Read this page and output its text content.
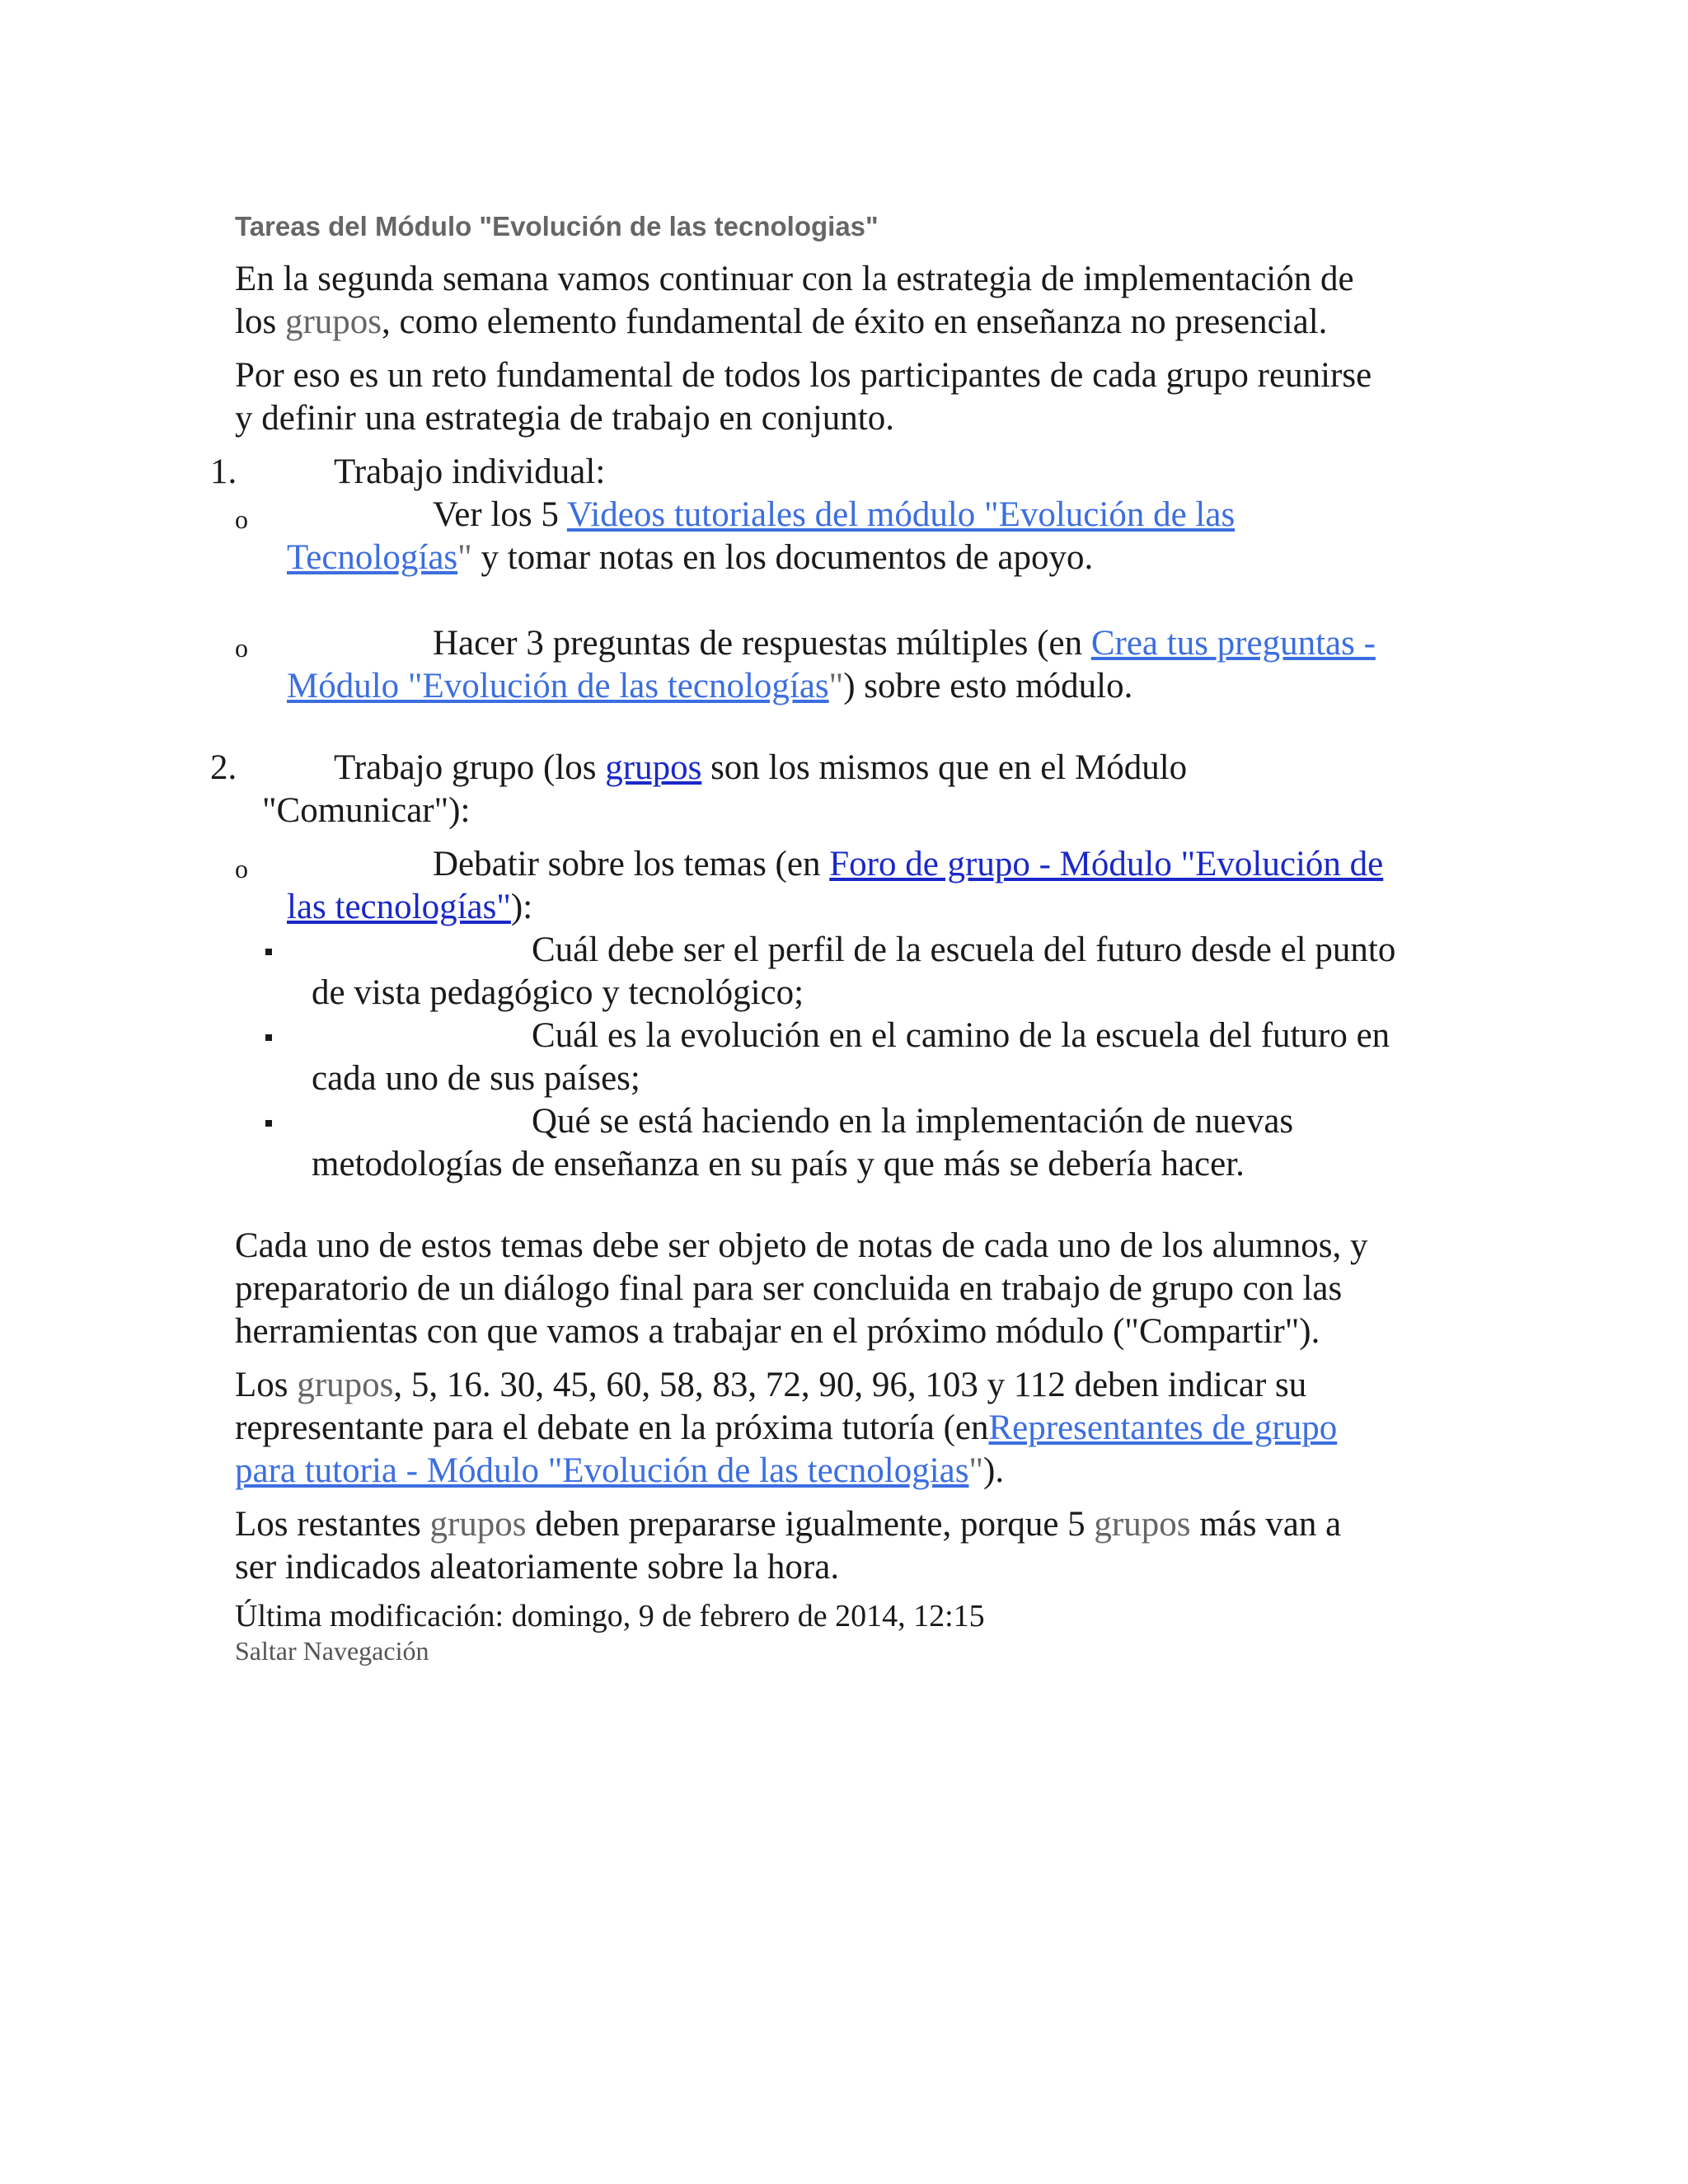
Tareas del Módulo "Evolución de las tecnologias"
En la segunda semana vamos continuar con la estrategia de implementación de
los grupos, como elemento fundamental de éxito en enseñanza no presencial.
Por eso es un reto fundamental de todos los participantes de cada grupo reunirse
y definir una estrategia de trabajo en conjunto.
1.	Trabajo individual:
o	Ver los 5 Videos tutoriales del módulo "Evolución de las
Tecnologías" y tomar notas en los documentos de apoyo.
o	Hacer 3 preguntas de respuestas múltiples (en Crea tus preguntas -
Módulo "Evolución de las tecnologías") sobre esto módulo.
2.	Trabajo grupo (los grupos son los mismos que en el Módulo
"Comunicar"):
o	Debatir sobre los temas (en Foro de grupo - Módulo "Evolución de
las tecnologías"):
Cuál debe ser el perfil de la escuela del futuro desde el punto
de vista pedagógico y tecnológico;
Cuál es la evolución en el camino de la escuela del futuro en
cada uno de sus países;
Qué se está haciendo en la implementación de nuevas
metodologías de enseñanza en su país y que más se debería hacer.
Cada uno de estos temas debe ser objeto de notas de cada uno de los alumnos, y
preparatorio de un diálogo final para ser concluida en trabajo de grupo con las
herramientas con que vamos a trabajar en el próximo módulo ("Compartir").
Los grupos, 5, 16. 30, 45, 60, 58, 83, 72, 90, 96, 103 y 112 deben indicar su
representante para el debate en la próxima tutoría (enRepresentantes de grupo
para tutoria - Módulo "Evolución de las tecnologias").
Los restantes grupos deben prepararse igualmente, porque 5 grupos más van a
ser indicados aleatoriamente sobre la hora.
Última modificación: domingo, 9 de febrero de 2014, 12:15
Saltar Navegación
